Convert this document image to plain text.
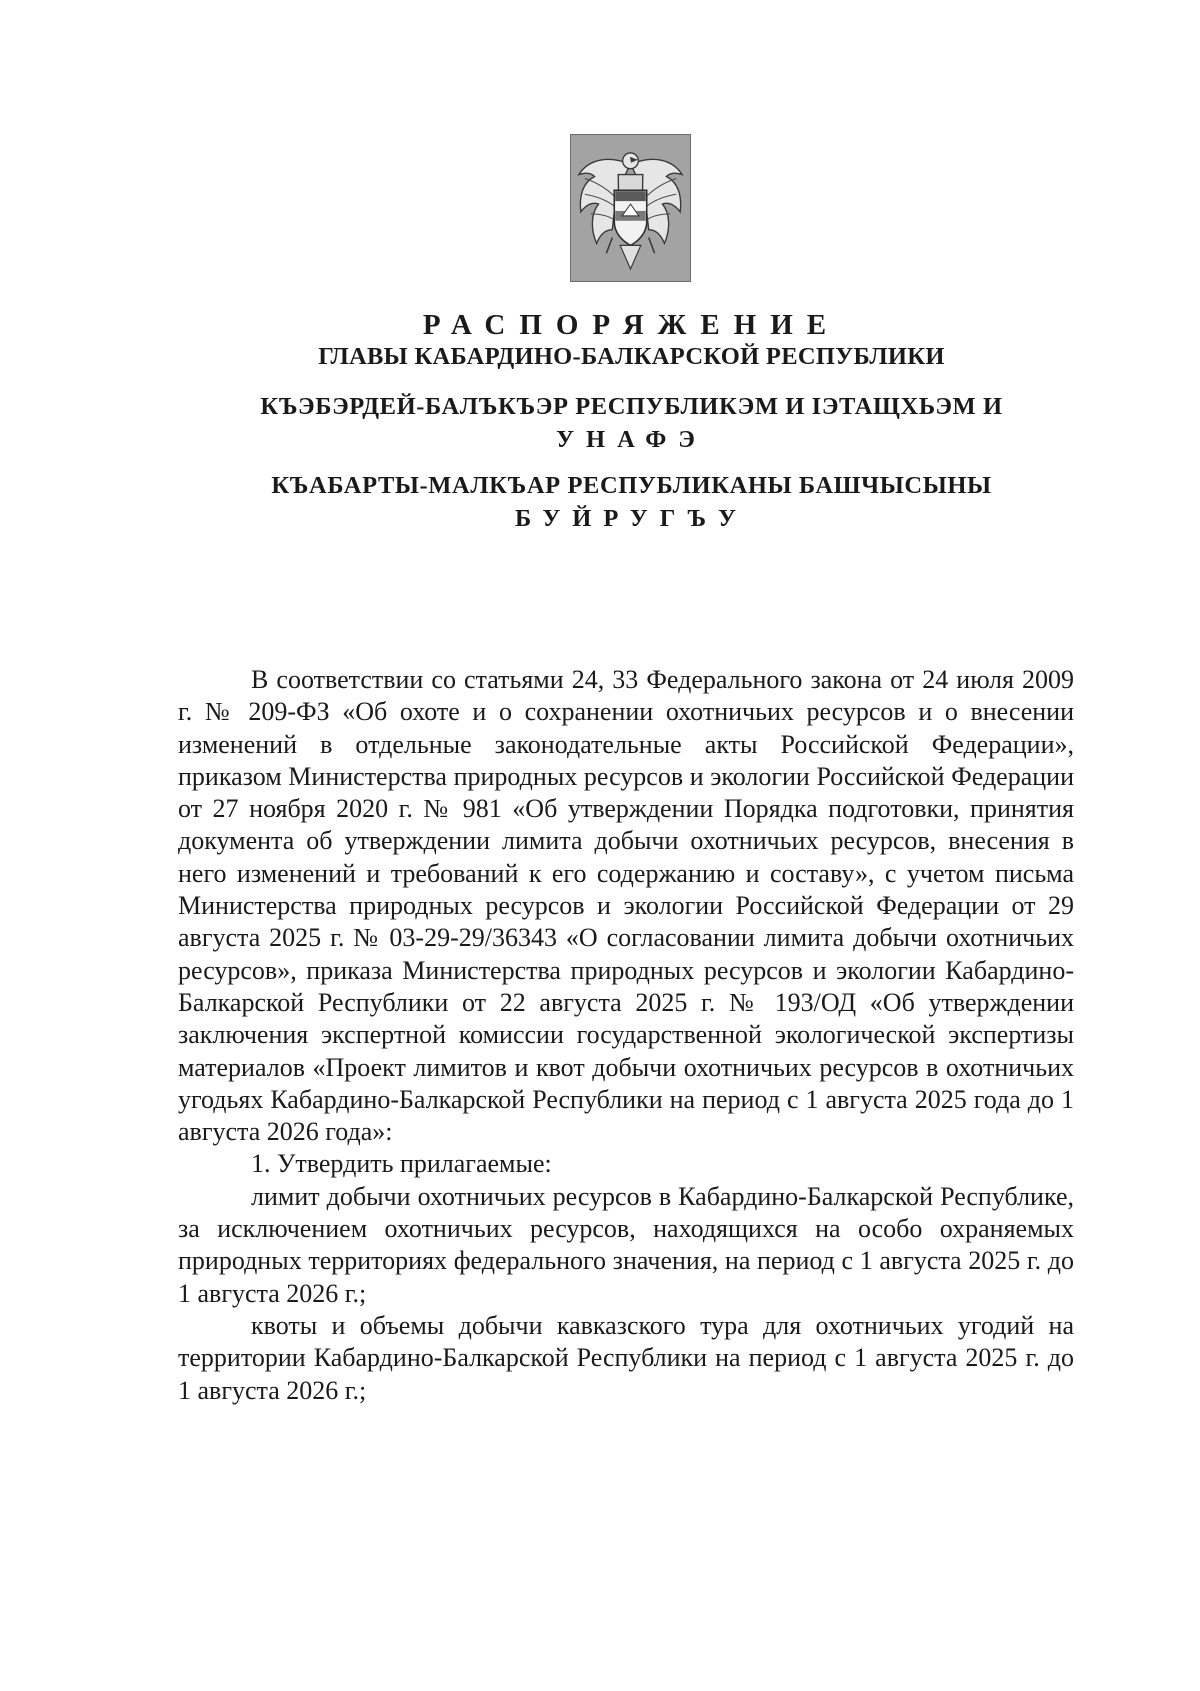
РАСПОРЯЖЕНИЕ
ГЛАВЫ КАБАРДИНО-БАЛКАРСКОЙ РЕСПУБЛИКИ
КЪЭБЭРДЕЙ-БАЛЪКЪЭР РЕСПУБЛИКЭМ И ӀЭТАЩХЬЭМ И
УНАФЭ
КЪАБАРТЫ-МАЛКЪАР РЕСПУБЛИКАНЫ БАШЧЫСЫНЫ
БУЙРУГЪУ

В соответствии со статьями 24, 33 Федерального закона от 24 июля 2009 г. № 209-ФЗ «Об охоте и о сохранении охотничьих ресурсов и о внесении изменений в отдельные законодательные акты Российской Федерации», приказом Министерства природных ресурсов и экологии Российской Федерации от 27 ноября 2020 г. № 981 «Об утверждении Порядка подготовки, принятия документа об утверждении лимита добычи охотничьих ресурсов, внесения в него изменений и требований к его содержанию и составу», с учетом письма Министерства природных ресурсов и экологии Российской Федерации от 29 августа 2025 г. № 03-29-29/36343 «О согласовании лимита добычи охотничьих ресурсов», приказа Министерства природных ресурсов и экологии Кабардино-Балкарской Республики от 22 августа 2025 г. № 193/ОД «Об утверждении заключения экспертной комиссии государственной экологической экспертизы материалов «Проект лимитов и квот добычи охотничьих ресурсов в охотничьих угодьях Кабардино-Балкарской Республики на период с 1 августа 2025 года до 1 августа 2026 года»:

1. Утвердить прилагаемые:

лимит добычи охотничьих ресурсов в Кабардино-Балкарской Республике, за исключением охотничьих ресурсов, находящихся на особо охраняемых природных территориях федерального значения, на период с 1 августа 2025 г. до 1 августа 2026 г.;

квоты и объемы добычи кавказского тура для охотничьих угодий на территории Кабардино-Балкарской Республики на период с 1 августа 2025 г. до 1 августа 2026 г.;
